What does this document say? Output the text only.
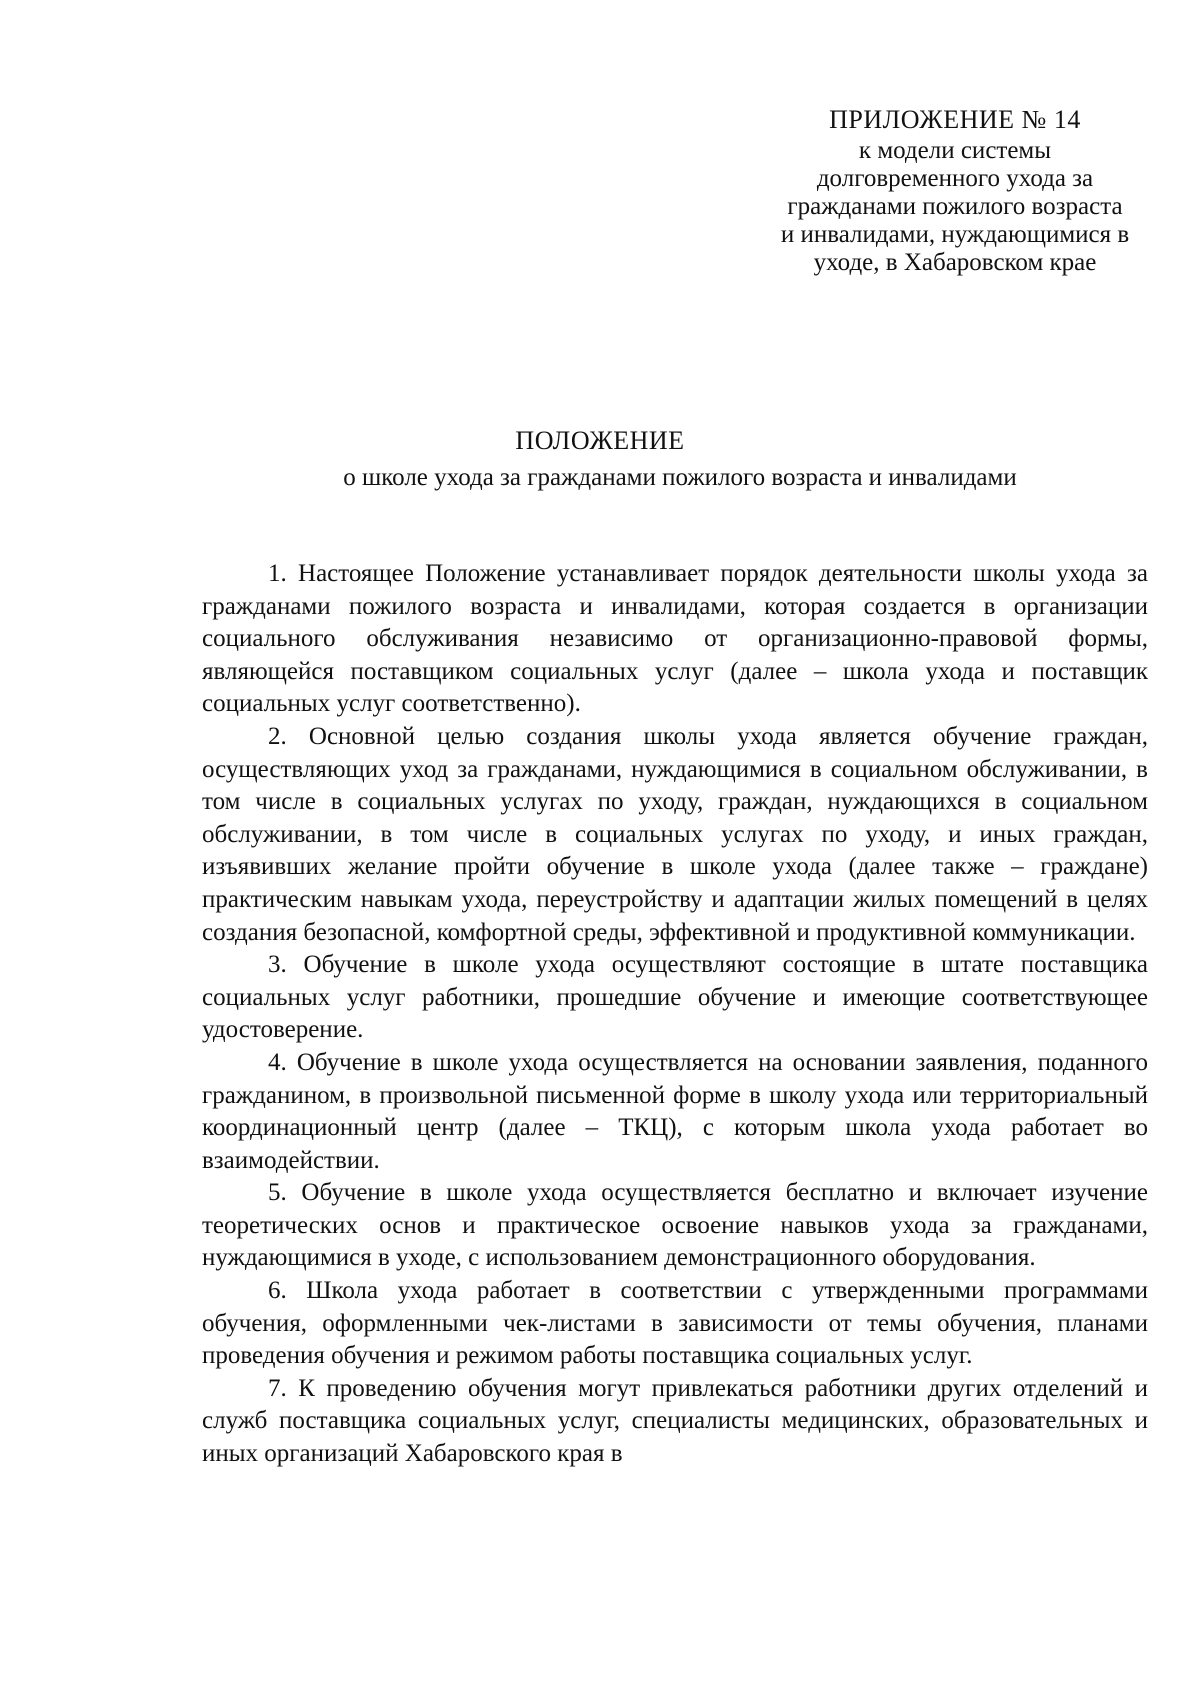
ПРИЛОЖЕНИЕ № 14
к модели системы
долговременного ухода за
гражданами пожилого возраста
и инвалидами, нуждающимися в
уходе, в Хабаровском крае
ПОЛОЖЕНИЕ
о школе ухода за гражданами пожилого возраста и инвалидами

1. Настоящее Положение устанавливает порядок деятельности школы ухода за гражданами пожилого возраста и инвалидами, которая создается в организации социального обслуживания независимо от организационно-правовой формы, являющейся поставщиком социальных услуг (далее – школа ухода и поставщик социальных услуг соответственно).

2. Основной целью создания школы ухода является обучение граждан, осуществляющих уход за гражданами, нуждающимися в социальном обслуживании, в том числе в социальных услугах по уходу, граждан, нуждающихся в социальном обслуживании, в том числе в социальных услугах по уходу, и иных граждан, изъявивших желание пройти обучение в школе ухода (далее также – граждане) практическим навыкам ухода, переустройству и адаптации жилых помещений в целях создания безопасной, комфортной среды, эффективной и продуктивной коммуникации.

3. Обучение в школе ухода осуществляют состоящие в штате поставщика социальных услуг работники, прошедшие обучение и имеющие соответствующее удостоверение.

4. Обучение в школе ухода осуществляется на основании заявления, поданного гражданином, в произвольной письменной форме в школу ухода или территориальный координационный центр (далее – ТКЦ), с которым школа ухода работает во взаимодействии.

5. Обучение в школе ухода осуществляется бесплатно и включает изучение теоретических основ и практическое освоение навыков ухода за гражданами, нуждающимися в уходе, с использованием демонстрационного оборудования.

6. Школа ухода работает в соответствии с утвержденными программами обучения, оформленными чек-листами в зависимости от темы обучения, планами проведения обучения и режимом работы поставщика социальных услуг.

7. К проведению обучения могут привлекаться работники других отделений и служб поставщика социальных услуг, специалисты медицинских, образовательных и иных организаций Хабаровского края в
